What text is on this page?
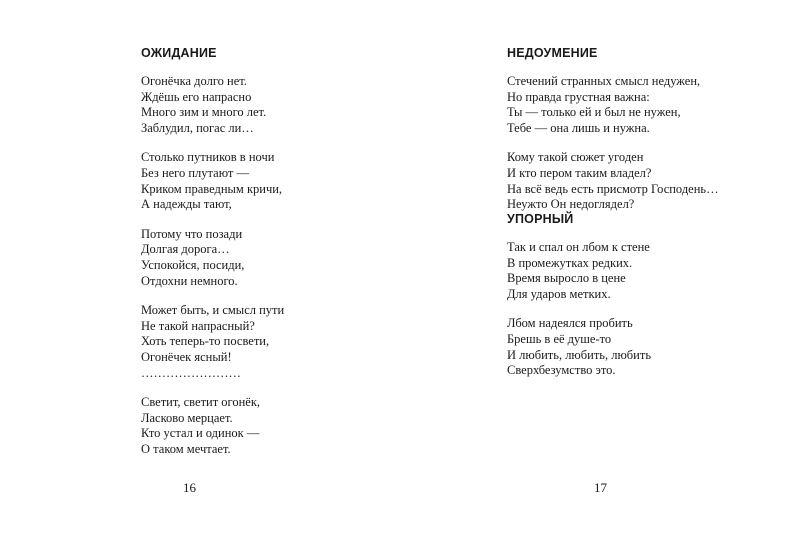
ОЖИДАНИЕ
Огонёчка долго нет.
Ждёшь его напрасно
Много зим и много лет.
Заблудил, погас ли…
Столько путников в ночи
Без него плутают —
Криком праведным кричи,
А надежды тают,
Потому что позади
Долгая дорога…
Успокойся, посиди,
Отдохни немного.
Может быть, и смысл пути
Не такой напрасный?
Хоть теперь-то посвети,
Огонёчек ясный!
……………………
Светит, светит огонёк,
Ласково мерцает.
Кто устал и одинок —
О таком мечтает.
16
НЕДОУМЕНИЕ
Стечений странных смысл недужен,
Но правда грустная важна:
Ты — только ей и был не нужен,
Тебе — она лишь и нужна.
Кому такой сюжет угоден
И кто пером таким владел?
На всё ведь есть присмотр Господень…
Неужто Он недоглядел?
УПОРНЫЙ
Так и спал он лбом к стене
В промежутках редких.
Время выросло в цене
Для ударов метких.
Лбом надеялся пробить
Брешь в её душе-то
И любить, любить, любить
Сверхбезумство это.
17
